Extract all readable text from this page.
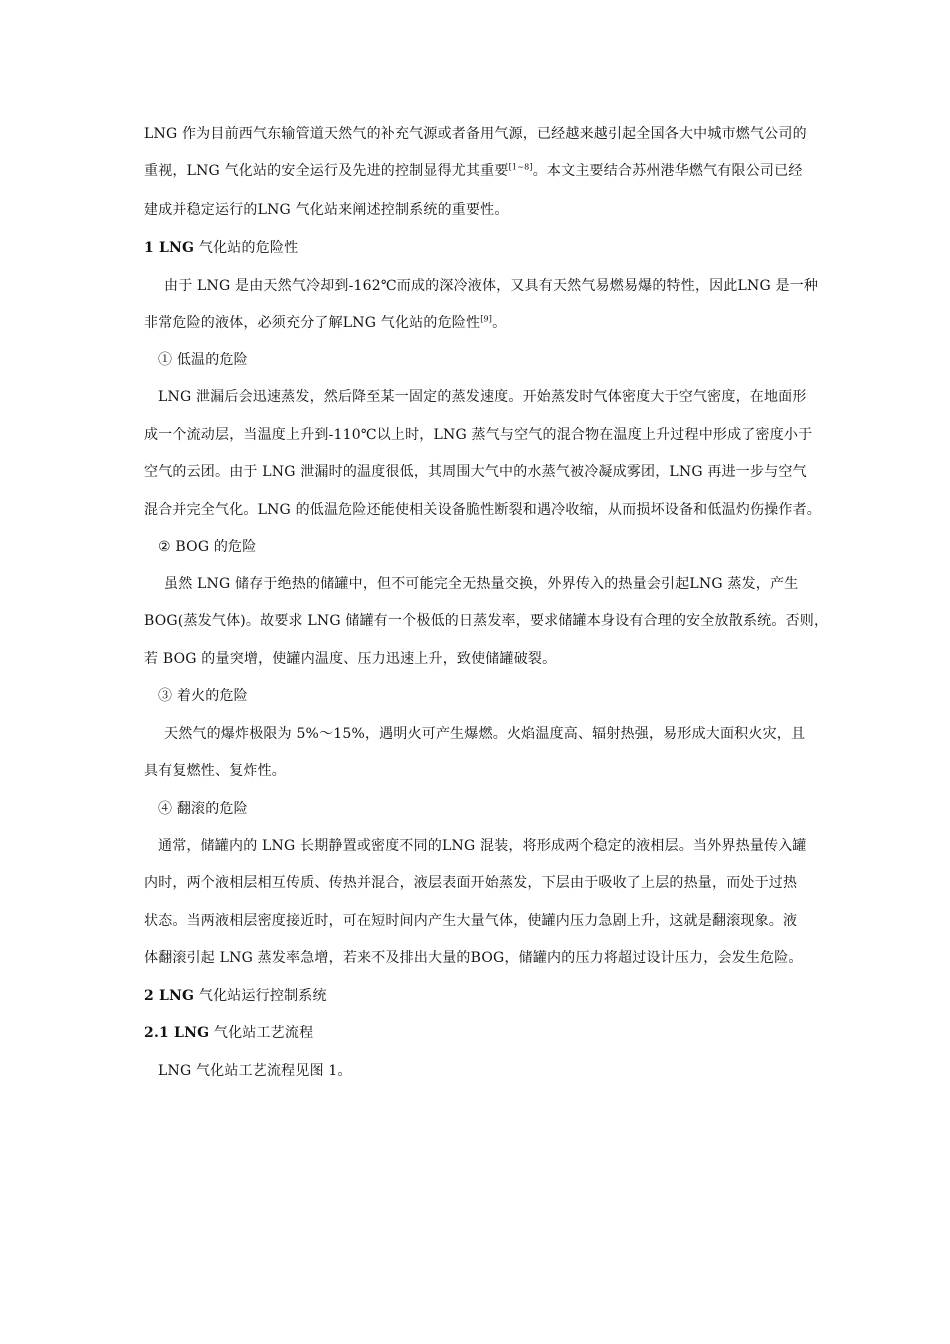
LNG 作为目前西气东输管道天然气的补充气源或者备用气源，已经越来越引起全国各大中城市燃气公司的
重视，LNG 气化站的安全运行及先进的控制显得尤其重要[1~8]。本文主要结合苏州港华燃气有限公司已经
建成并稳定运行的LNG 气化站来阐述控制系统的重要性。
1 LNG 气化站的危险性
由于 LNG 是由天然气冷却到-162℃而成的深冷液体，又具有天然气易燃易爆的特性，因此LNG 是一种
非常危险的液体，必须充分了解LNG 气化站的危险性[9]。
① 低温的危险
LNG 泄漏后会迅速蒸发，然后降至某一固定的蒸发速度。开始蒸发时气体密度大于空气密度，在地面形
成一个流动层，当温度上升到-110℃以上时，LNG 蒸气与空气的混合物在温度上升过程中形成了密度小于
空气的云团。由于 LNG 泄漏时的温度很低，其周围大气中的水蒸气被冷凝成雾团，LNG 再进一步与空气
混合并完全气化。LNG 的低温危险还能使相关设备脆性断裂和遇冷收缩，从而损坏设备和低温灼伤操作者。
② BOG 的危险
虽然 LNG 储存于绝热的储罐中，但不可能完全无热量交换，外界传入的热量会引起LNG 蒸发，产生
BOG(蒸发气体)。故要求 LNG 储罐有一个极低的日蒸发率，要求储罐本身设有合理的安全放散系统。否则，
若 BOG 的量突增，使罐内温度、压力迅速上升，致使储罐破裂。
③ 着火的危险
天然气的爆炸极限为 5%～15%，遇明火可产生爆燃。火焰温度高、辐射热强，易形成大面积火灾，且
具有复燃性、复炸性。
④ 翻滚的危险
通常，储罐内的 LNG 长期静置或密度不同的LNG 混装，将形成两个稳定的液相层。当外界热量传入罐
内时，两个液相层相互传质、传热并混合，液层表面开始蒸发，下层由于吸收了上层的热量，而处于过热
状态。当两液相层密度接近时，可在短时间内产生大量气体，使罐内压力急剧上升，这就是翻滚现象。液
体翻滚引起 LNG 蒸发率急增，若来不及排出大量的BOG，储罐内的压力将超过设计压力，会发生危险。
2 LNG 气化站运行控制系统
2.1 LNG 气化站工艺流程
LNG 气化站工艺流程见图 1。
